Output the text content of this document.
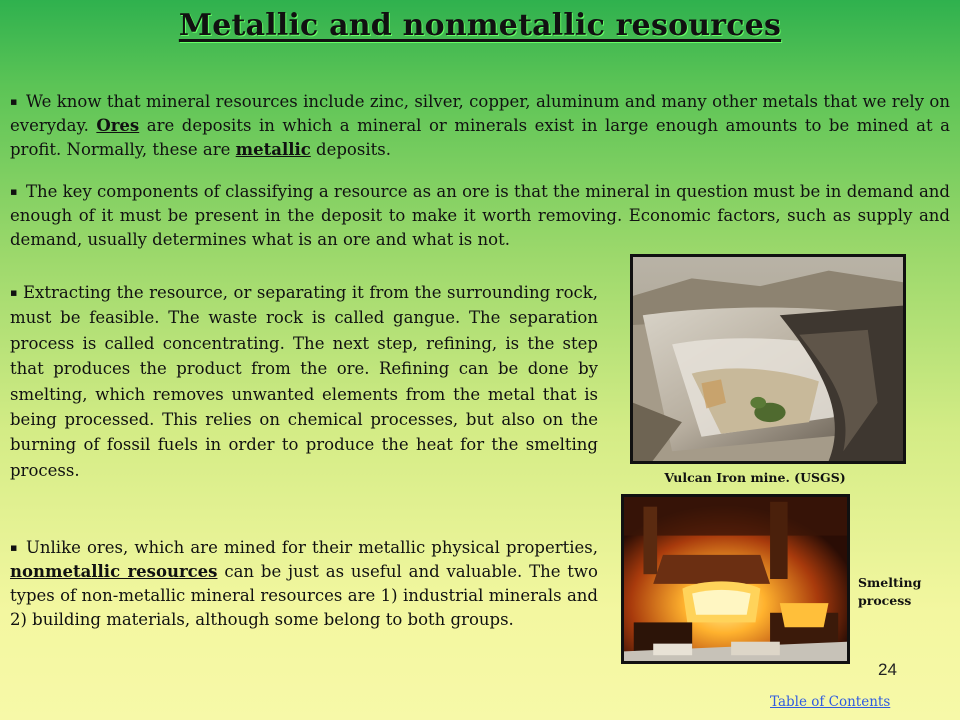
Metallic and nonmetallic resources
▪ We know that mineral resources include zinc, silver, copper, aluminum and many other metals that we rely on everyday. Ores are deposits in which a mineral or minerals exist in large enough amounts to be mined at a profit. Normally, these are metallic deposits.
▪ The key components of classifying a resource as an ore is that the mineral in question must be in demand and enough of it must be present in the deposit to make it worth removing. Economic factors, such as supply and demand, usually determines what is an ore and what is not.
▪ Extracting the resource, or separating it from the surrounding rock, must be feasible. The waste rock is called gangue. The separation process is called concentrating. The next step, refining, is the step that produces the product from the ore. Refining can be done by smelting, which removes unwanted elements from the metal that is being processed. This relies on chemical processes, but also on the burning of fossil fuels in order to produce the heat for the smelting process.
▪ Unlike ores, which are mined for their metallic physical properties, nonmetallic resources can be just as useful and valuable. The two types of non-metallic mineral resources are 1) industrial minerals and 2) building materials, although some belong to both groups.
Vulcan Iron mine. (USGS)
Smelting process
24
Table of Contents
